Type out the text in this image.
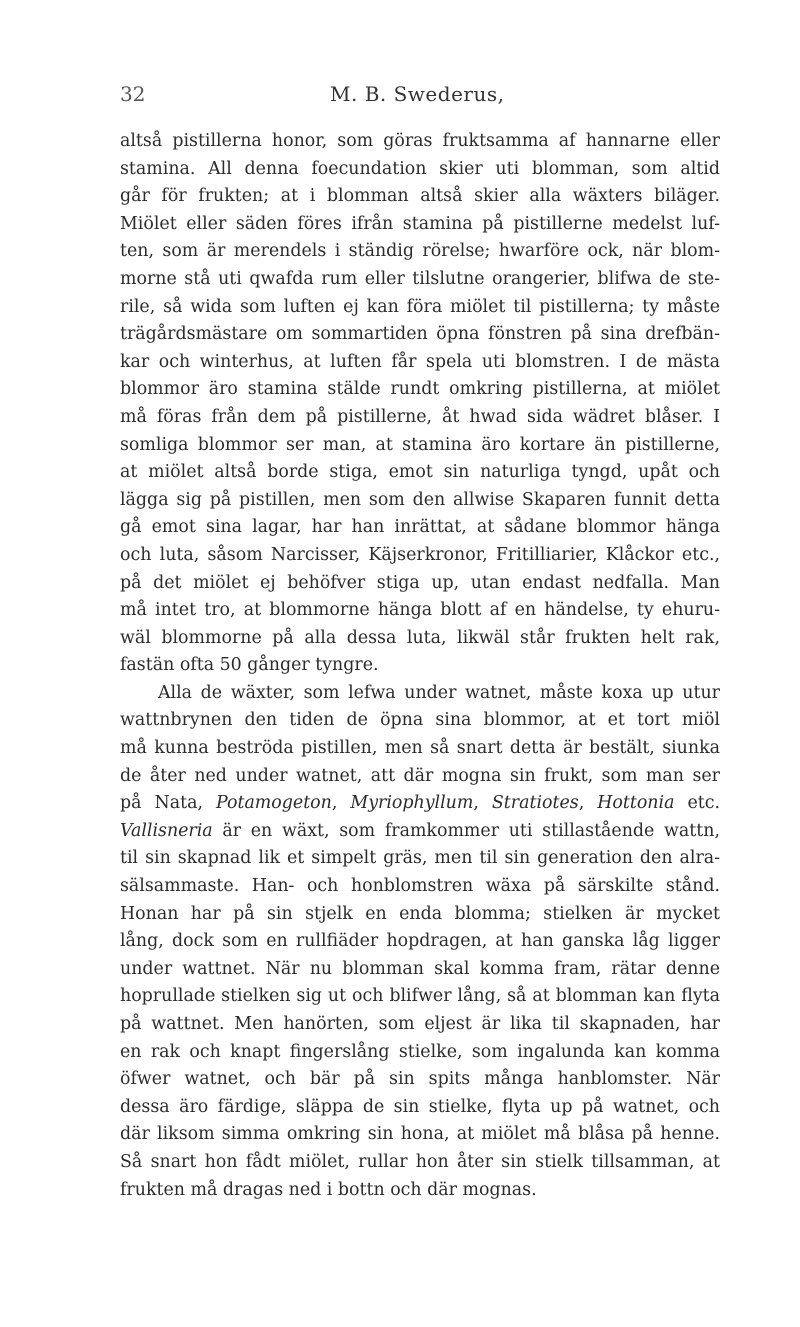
32	M. B. Swederus,
altså pistillerna honor, som göras fruktsamma af hannarne eller
stamina. All denna foecundation skier uti blomman, som altid
går för frukten; at i blomman altså skier alla wäxters biläger.
Miölet eller säden föres ifrån stamina på pistillerne medelst luf-
ten, som är merendels i ständig rörelse; hwarföre ock, när blom-
morne stå uti qwafda rum eller tilslutne orangerier, blifwa de ste-
rile, så wida som luften ej kan föra miölet til pistillerna; ty måste
trägårdsmästare om sommartiden öpna fönstren på sina drefbän-
kar och winterhus, at luften får spela uti blomstren. I de mästa
blommor äro stamina stälde rundt omkring pistillerna, at miölet
må föras från dem på pistillerne, åt hwad sida wädret blåser. I
somliga blommor ser man, at stamina äro kortare än pistillerne,
at miölet altså borde stiga, emot sin naturliga tyngd, upåt och
lägga sig på pistillen, men som den allwise Skaparen funnit detta
gå emot sina lagar, har han inrättat, at sådane blommor hänga
och luta, såsom Narcisser, Käjserkronor, Fritilliarier, Klåckor etc.,
på det miölet ej behöfver stiga up, utan endast nedfalla. Man
må intet tro, at blommorne hänga blott af en händelse, ty ehuru-
wäl blommorne på alla dessa luta, likwäl står frukten helt rak,
fastän ofta 50 gånger tyngre.
Alla de wäxter, som lefwa under watnet, måste koxa up utur
wattnbrynen den tiden de öpna sina blommor, at et tort miöl
må kunna beströda pistillen, men så snart detta är bestält, siunka
de åter ned under watnet, att där mogna sin frukt, som man ser
på Nata, Potamogeton, Myriophyllum, Stratiotes, Hottonia etc.
Vallisneria är en wäxt, som framkommer uti stillastående wattn,
til sin skapnad lik et simpelt gräs, men til sin generation den alra-
sälsammaste. Han- och honblomstren wäxa på särskilte stånd.
Honan har på sin stjelk en enda blomma; stielken är mycket
lång, dock som en rullfiäder hopdragen, at han ganska låg ligger
under wattnet. När nu blomman skal komma fram, rätar denne
hoprullade stielken sig ut och blifwer lång, så at blomman kan flyta
på wattnet. Men hanörten, som eljest är lika til skapnaden, har
en rak och knapt fingerslång stielke, som ingalunda kan komma
öfwer watnet, och bär på sin spits många hanblomster. När
dessa äro färdige, släppa de sin stielke, flyta up på watnet, och
där liksom simma omkring sin hona, at miölet må blåsa på henne.
Så snart hon fådt miölet, rullar hon åter sin stielk tillsamman, at
frukten må dragas ned i bottn och där mognas.
